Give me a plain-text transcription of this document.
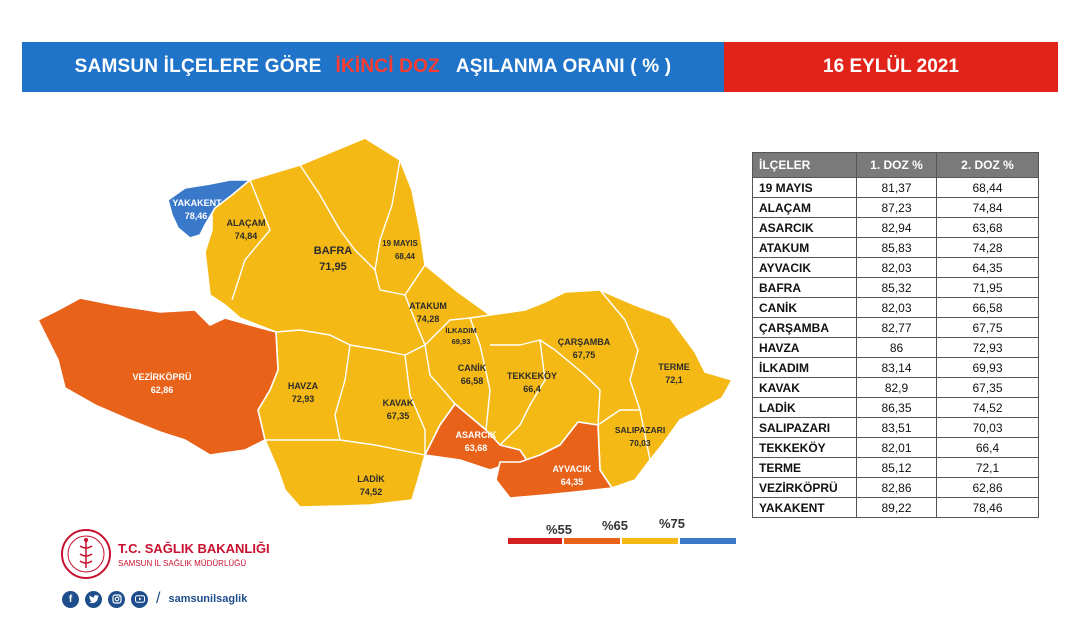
SAMSUN İLÇELERE GÖRE İKİNCİ DOZ AŞILANMA ORANI ( % )	16 EYLÜL 2021
YAKAKENT
78,46
ALAÇAM
74,84
BAFRA
71,95
19 MAYIS
68,44
ATAKUM
74,28
İLKADIM
69,93	ÇARŞAMBA
67,75
TERME
72,1
VEZİRKÖPRÜ
62,86
CANİK
66,58	TEKKEKÖY
66,4
HAVZA
72,93	KAVAK
67,35
ASARCIK
63,68
SALIPAZARI
70,03
AYVACIK
64,35
LADİK
74,52
İLÇELER	1. DOZ %	2. DOZ %
19 MAYIS	81,37	68,44
ALAÇAM	87,23	74,84
ASARCIK	82,94	63,68
ATAKUM	85,83	74,28
AYVACIK	82,03	64,35
BAFRA	85,32	71,95
CANİK	82,03	66,58
ÇARŞAMBA	82,77	67,75
HAVZA	86	72,93
İLKADIM	83,14	69,93
KAVAK	82,9	67,35
LADİK	86,35	74,52
SALIPAZARI	83,51	70,03
TEKKEKÖY	82,01	66,4
TERME	85,12	72,1
VEZİRKÖPRÜ	82,86	62,86
YAKAKENT	89,22	78,46
%55 %65 %75
T.C. SAĞLIK BAKANLIĞI
SAMSUN İL SAĞLIK MÜDÜRLÜĞÜ
f	/ samsunilsaglik
